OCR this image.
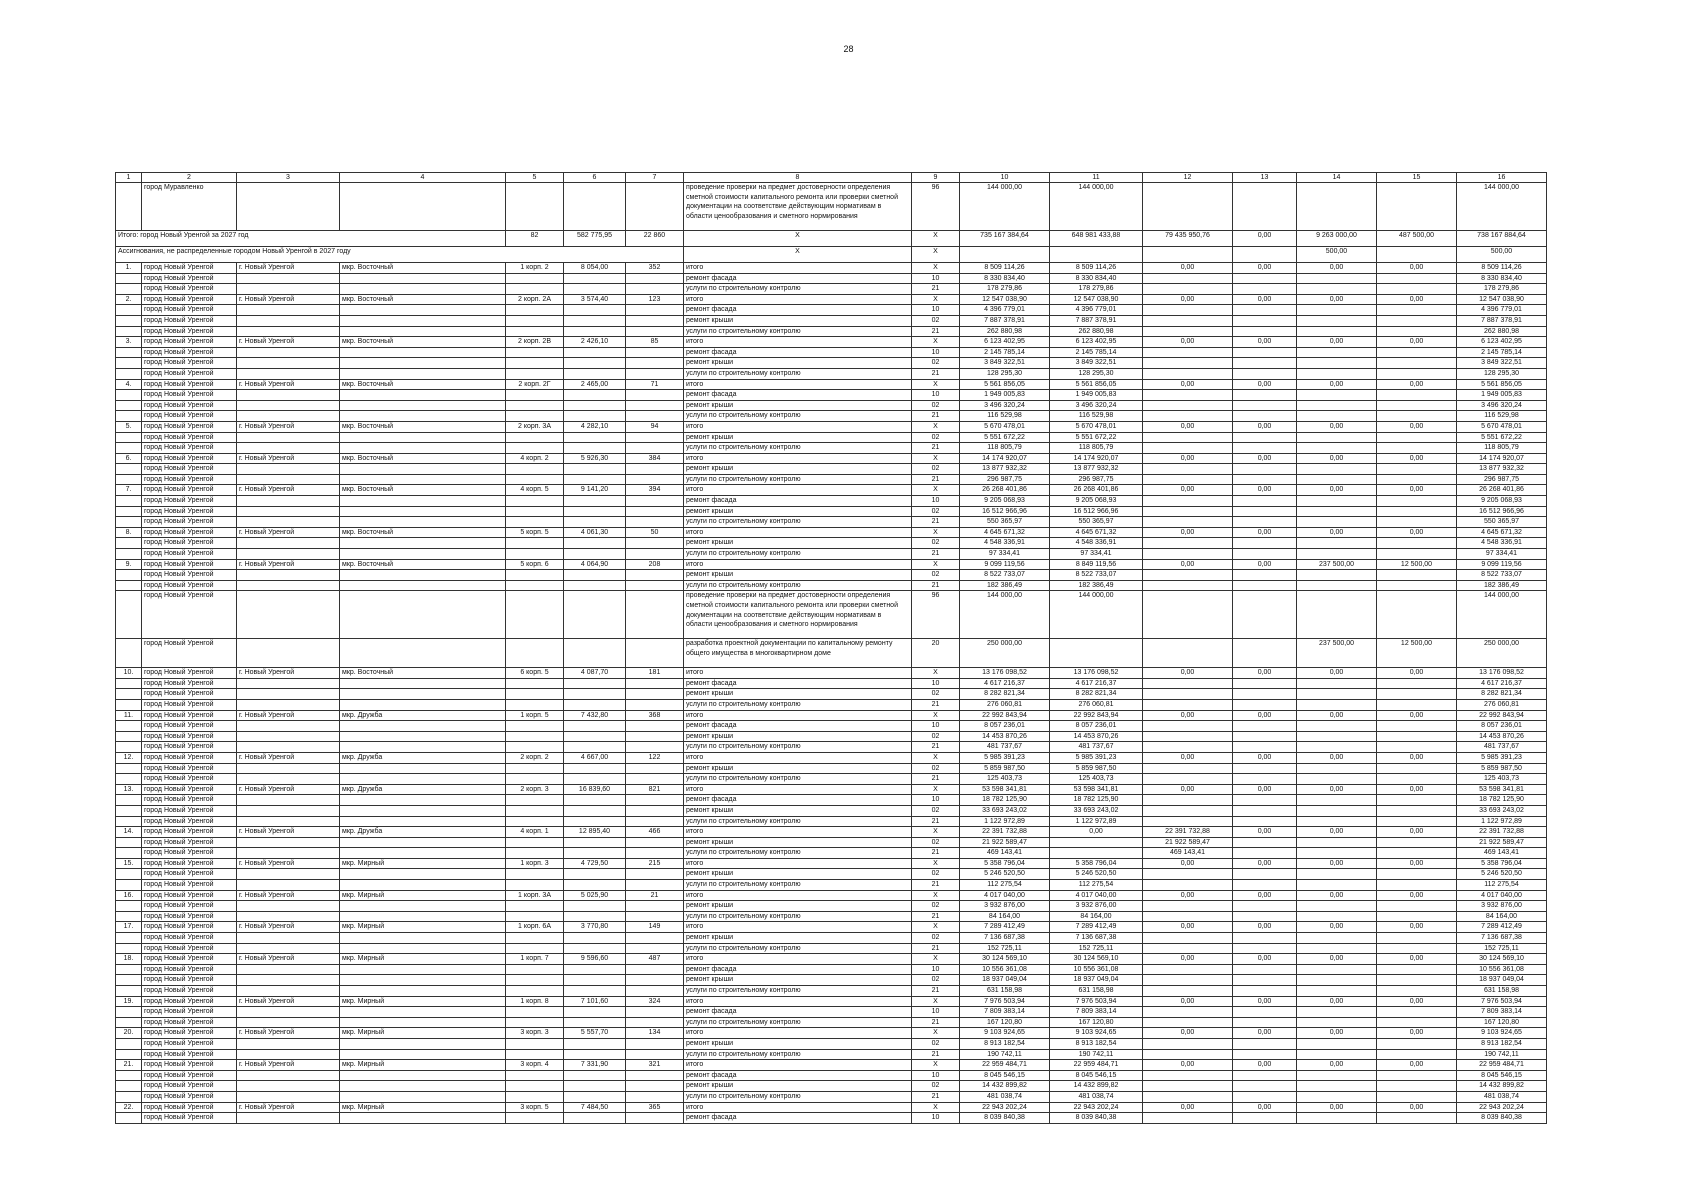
28
1	2	3	4	5	6	7	8	9	10	11	12	13	14	15	16
	город Муравленко						проведение проверки на предмет достоверности определения сметной стоимости капитального ремонта или проверки сметной документации на соответствие действующим нормативам в области ценообразования и сметного нормирования	96	144 000,00	144 000,00					144 000,00
Итого: город Новый Уренгой за 2027 год				82	582 775,95	22 860	X	X	735 167 384,64	648 981 433,88	79 435 950,76	0,00	9 263 000,00	487 500,00	738 167 884,64
Ассигнования, не распределенные городом Новый Уренгой в 2027 году							X	X					500,00		500,00
1.	город Новый Уренгой	г. Новый Уренгой	мкр. Восточный	1 корп. 2	8 054,00	352	итого	X	8 509 114,26	8 509 114,26	0,00	0,00	0,00	0,00	8 509 114,26
	город Новый Уренгой						ремонт фасада	10	8 330 834,40	8 330 834,40					8 330 834,40
	город Новый Уренгой						услуги по строительному контролю	21	178 279,86	178 279,86					178 279,86
2.	город Новый Уренгой	г. Новый Уренгой	мкр. Восточный	2 корп. 2А	3 574,40	123	итого	X	12 547 038,90	12 547 038,90	0,00	0,00	0,00	0,00	12 547 038,90
	город Новый Уренгой						ремонт фасада	10	4 396 779,01	4 396 779,01					4 396 779,01
	город Новый Уренгой						ремонт крыши	02	7 887 378,91	7 887 378,91					7 887 378,91
	город Новый Уренгой						услуги по строительному контролю	21	262 880,98	262 880,98					262 880,98
3.	город Новый Уренгой	г. Новый Уренгой	мкр. Восточный	2 корп. 2В	2 426,10	85	итого	X	6 123 402,95	6 123 402,95	0,00	0,00	0,00	0,00	6 123 402,95
	город Новый Уренгой						ремонт фасада	10	2 145 785,14	2 145 785,14					2 145 785,14
	город Новый Уренгой						ремонт крыши	02	3 849 322,51	3 849 322,51					3 849 322,51
	город Новый Уренгой						услуги по строительному контролю	21	128 295,30	128 295,30					128 295,30
4.	город Новый Уренгой	г. Новый Уренгой	мкр. Восточный	2 корп. 2Г	2 465,00	71	итого	X	5 561 856,05	5 561 856,05	0,00	0,00	0,00	0,00	5 561 856,05
	город Новый Уренгой						ремонт фасада	10	1 949 005,83	1 949 005,83					1 949 005,83
	город Новый Уренгой						ремонт крыши	02	3 496 320,24	3 496 320,24					3 496 320,24
	город Новый Уренгой						услуги по строительному контролю	21	116 529,98	116 529,98					116 529,98
5.	город Новый Уренгой	г. Новый Уренгой	мкр. Восточный	2 корп. 3А	4 282,10	94	итого	X	5 670 478,01	5 670 478,01	0,00	0,00	0,00	0,00	5 670 478,01
	город Новый Уренгой						ремонт крыши	02	5 551 672,22	5 551 672,22					5 551 672,22
	город Новый Уренгой						услуги по строительному контролю	21	118 805,79	118 805,79					118 805,79
6.	город Новый Уренгой	г. Новый Уренгой	мкр. Восточный	4 корп. 2	5 926,30	384	итого	X	14 174 920,07	14 174 920,07	0,00	0,00	0,00	0,00	14 174 920,07
	город Новый Уренгой						ремонт крыши	02	13 877 932,32	13 877 932,32					13 877 932,32
	город Новый Уренгой						услуги по строительному контролю	21	296 987,75	296 987,75					296 987,75
7.	город Новый Уренгой	г. Новый Уренгой	мкр. Восточный	4 корп. 5	9 141,20	394	итого	X	26 268 401,86	26 268 401,86	0,00	0,00	0,00	0,00	26 268 401,86
	город Новый Уренгой						ремонт фасада	10	9 205 068,93	9 205 068,93					9 205 068,93
	город Новый Уренгой						ремонт крыши	02	16 512 966,96	16 512 966,96					16 512 966,96
	город Новый Уренгой						услуги по строительному контролю	21	550 365,97	550 365,97					550 365,97
8.	город Новый Уренгой	г. Новый Уренгой	мкр. Восточный	5 корп. 5	4 061,30	50	итого	X	4 645 671,32	4 645 671,32	0,00	0,00	0,00	0,00	4 645 671,32
	город Новый Уренгой						ремонт крыши	02	4 548 336,91	4 548 336,91					4 548 336,91
	город Новый Уренгой						услуги по строительному контролю	21	97 334,41	97 334,41					97 334,41
9.	город Новый Уренгой	г. Новый Уренгой	мкр. Восточный	5 корп. 6	4 064,90	208	итого	X	9 099 119,56	8 849 119,56	0,00	0,00	237 500,00	12 500,00	9 099 119,56
	город Новый Уренгой						ремонт крыши	02	8 522 733,07	8 522 733,07					8 522 733,07
	город Новый Уренгой						услуги по строительному контролю	21	182 386,49	182 386,49					182 386,49
	город Новый Уренгой						проведение проверки на предмет достоверности определения сметной стоимости капитального ремонта или проверки сметной документации на соответствие действующим нормативам в области ценообразования и сметного нормирования	96	144 000,00	144 000,00					144 000,00
	город Новый Уренгой						разработка проектной документации по капитальному ремонту общего имущества в многоквартирном доме	20	250 000,00				237 500,00	12 500,00	250 000,00
10.	город Новый Уренгой	г. Новый Уренгой	мкр. Восточный	6 корп. 5	4 087,70	181	итого	X	13 176 098,52	13 176 098,52	0,00	0,00	0,00	0,00	13 176 098,52
	город Новый Уренгой						ремонт фасада	10	4 617 216,37	4 617 216,37					4 617 216,37
	город Новый Уренгой						ремонт крыши	02	8 282 821,34	8 282 821,34					8 282 821,34
	город Новый Уренгой						услуги по строительному контролю	21	276 060,81	276 060,81					276 060,81
11.	город Новый Уренгой	г. Новый Уренгой	мкр. Дружба	1 корп. 5	7 432,80	368	итого	X	22 992 843,94	22 992 843,94	0,00	0,00	0,00	0,00	22 992 843,94
	город Новый Уренгой						ремонт фасада	10	8 057 236,01	8 057 236,01					8 057 236,01
	город Новый Уренгой						ремонт крыши	02	14 453 870,26	14 453 870,26					14 453 870,26
	город Новый Уренгой						услуги по строительному контролю	21	481 737,67	481 737,67					481 737,67
12.	город Новый Уренгой	г. Новый Уренгой	мкр. Дружба	2 корп. 2	4 667,00	122	итого	X	5 985 391,23	5 985 391,23	0,00	0,00	0,00	0,00	5 985 391,23
	город Новый Уренгой						ремонт крыши	02	5 859 987,50	5 859 987,50					5 859 987,50
	город Новый Уренгой						услуги по строительному контролю	21	125 403,73	125 403,73					125 403,73
13.	город Новый Уренгой	г. Новый Уренгой	мкр. Дружба	2 корп. 3	16 839,60	821	итого	X	53 598 341,81	53 598 341,81	0,00	0,00	0,00	0,00	53 598 341,81
	город Новый Уренгой						ремонт фасада	10	18 782 125,90	18 782 125,90					18 782 125,90
	город Новый Уренгой						ремонт крыши	02	33 693 243,02	33 693 243,02					33 693 243,02
	город Новый Уренгой						услуги по строительному контролю	21	1 122 972,89	1 122 972,89					1 122 972,89
14.	город Новый Уренгой	г. Новый Уренгой	мкр. Дружба	4 корп. 1	12 895,40	466	итого	X	22 391 732,88	0,00	22 391 732,88	0,00	0,00	0,00	22 391 732,88
	город Новый Уренгой						ремонт крыши	02	21 922 589,47		21 922 589,47				21 922 589,47
	город Новый Уренгой						услуги по строительному контролю	21	469 143,41		469 143,41				469 143,41
15.	город Новый Уренгой	г. Новый Уренгой	мкр. Мирный	1 корп. 3	4 729,50	215	итого	X	5 358 796,04	5 358 796,04	0,00	0,00	0,00	0,00	5 358 796,04
	город Новый Уренгой						ремонт крыши	02	5 246 520,50	5 246 520,50					5 246 520,50
	город Новый Уренгой						услуги по строительному контролю	21	112 275,54	112 275,54					112 275,54
16.	город Новый Уренгой	г. Новый Уренгой	мкр. Мирный	1 корп. 3А	5 025,90	21	итого	X	4 017 040,00	4 017 040,00	0,00	0,00	0,00	0,00	4 017 040,00
	город Новый Уренгой						ремонт крыши	02	3 932 876,00	3 932 876,00					3 932 876,00
	город Новый Уренгой						услуги по строительному контролю	21	84 164,00	84 164,00					84 164,00
17.	город Новый Уренгой	г. Новый Уренгой	мкр. Мирный	1 корп. 6А	3 770,80	149	итого	X	7 289 412,49	7 289 412,49	0,00	0,00	0,00	0,00	7 289 412,49
	город Новый Уренгой						ремонт крыши	02	7 136 687,38	7 136 687,38					7 136 687,38
	город Новый Уренгой						услуги по строительному контролю	21	152 725,11	152 725,11					152 725,11
18.	город Новый Уренгой	г. Новый Уренгой	мкр. Мирный	1 корп. 7	9 596,60	487	итого	X	30 124 569,10	30 124 569,10	0,00	0,00	0,00	0,00	30 124 569,10
	город Новый Уренгой						ремонт фасада	10	10 556 361,08	10 556 361,08					10 556 361,08
	город Новый Уренгой						ремонт крыши	02	18 937 049,04	18 937 049,04					18 937 049,04
	город Новый Уренгой						услуги по строительному контролю	21	631 158,98	631 158,98					631 158,98
19.	город Новый Уренгой	г. Новый Уренгой	мкр. Мирный	1 корп. 8	7 101,60	324	итого	X	7 976 503,94	7 976 503,94	0,00	0,00	0,00	0,00	7 976 503,94
	город Новый Уренгой						ремонт фасада	10	7 809 383,14	7 809 383,14					7 809 383,14
	город Новый Уренгой						услуги по строительному контролю	21	167 120,80	167 120,80					167 120,80
20.	город Новый Уренгой	г. Новый Уренгой	мкр. Мирный	3 корп. 3	5 557,70	134	итого	X	9 103 924,65	9 103 924,65	0,00	0,00	0,00	0,00	9 103 924,65
	город Новый Уренгой						ремонт крыши	02	8 913 182,54	8 913 182,54					8 913 182,54
	город Новый Уренгой						услуги по строительному контролю	21	190 742,11	190 742,11					190 742,11
21.	город Новый Уренгой	г. Новый Уренгой	мкр. Мирный	3 корп. 4	7 331,90	321	итого	X	22 959 484,71	22 959 484,71	0,00	0,00	0,00	0,00	22 959 484,71
	город Новый Уренгой						ремонт фасада	10	8 045 546,15	8 045 546,15					8 045 546,15
	город Новый Уренгой						ремонт крыши	02	14 432 899,82	14 432 899,82					14 432 899,82
	город Новый Уренгой						услуги по строительному контролю	21	481 038,74	481 038,74					481 038,74
22.	город Новый Уренгой	г. Новый Уренгой	мкр. Мирный	3 корп. 5	7 484,50	365	итого	X	22 943 202,24	22 943 202,24	0,00	0,00	0,00	0,00	22 943 202,24
	город Новый Уренгой						ремонт фасада	10	8 039 840,38	8 039 840,38					8 039 840,38
